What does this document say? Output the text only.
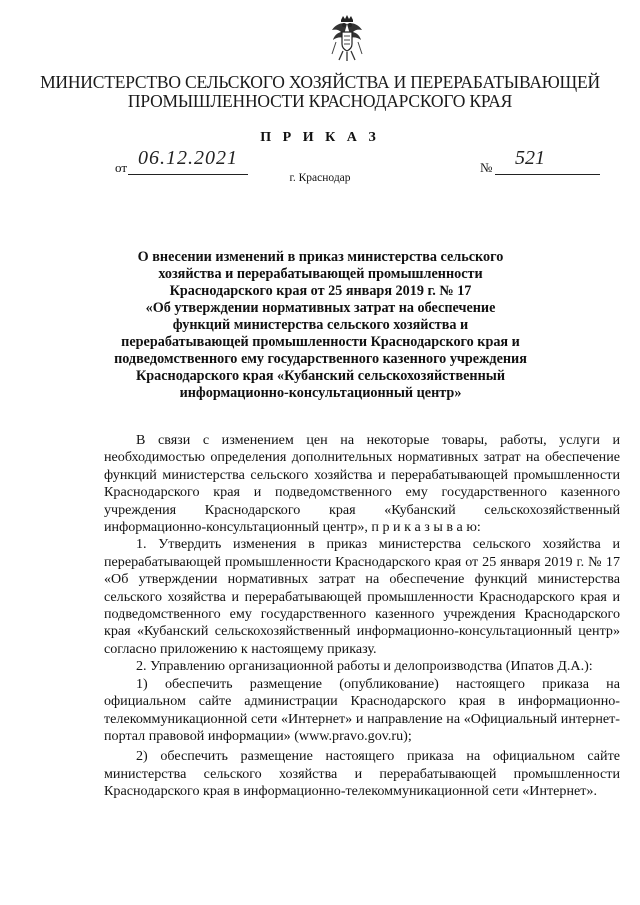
МИНИСТЕРСТВО СЕЛЬСКОГО ХОЗЯЙСТВА И ПЕРЕРАБАТЫВАЮЩЕЙ
ПРОМЫШЛЕННОСТИ КРАСНОДАРСКОГО КРАЯ
П Р И К А З
от 06.12.2021	№ 521
г. Краснодар
О внесении изменений в приказ министерства сельского
хозяйства и перерабатывающей промышленности
Краснодарского края от 25 января 2019 г. № 17
«Об утверждении нормативных затрат на обеспечение
функций министерства сельского хозяйства и
перерабатывающей промышленности Краснодарского края и
подведомственного ему государственного казенного учреждения
Краснодарского края «Кубанский сельскохозяйственный
информационно-консультационный центр»

В связи с изменением цен на некоторые товары, работы, услуги и необходимостью определения дополнительных нормативных затрат на обеспечение функций министерства сельского хозяйства и перерабатывающей промышленности Краснодарского края и подведомственного ему государственного казенного учреждения Краснодарского края «Кубанский сельскохозяйственный информационно-консультационный центр», п р и к а з ы в а ю:

1. Утвердить изменения в приказ министерства сельского хозяйства и перерабатывающей промышленности Краснодарского края от 25 января 2019 г. № 17 «Об утверждении нормативных затрат на обеспечение функций министерства сельского хозяйства и перерабатывающей промышленности Краснодарского края и подведомственного ему государственного казенного учреждения Краснодарского края «Кубанский сельскохозяйственный информационно-консультационный центр» согласно приложению к настоящему приказу.

2. Управлению организационной работы и делопроизводства (Ипатов Д.А.):

1) обеспечить размещение (опубликование) настоящего приказа на официальном сайте администрации Краснодарского края в информационно-телекоммуникационной сети «Интернет» и направление на «Официальный интернет-портал правовой информации» (www.pravo.gov.ru);

2) обеспечить размещение настоящего приказа на официальном сайте министерства сельского хозяйства и перерабатывающей промышленности Краснодарского края в информационно-телекоммуникационной сети «Интернет».
